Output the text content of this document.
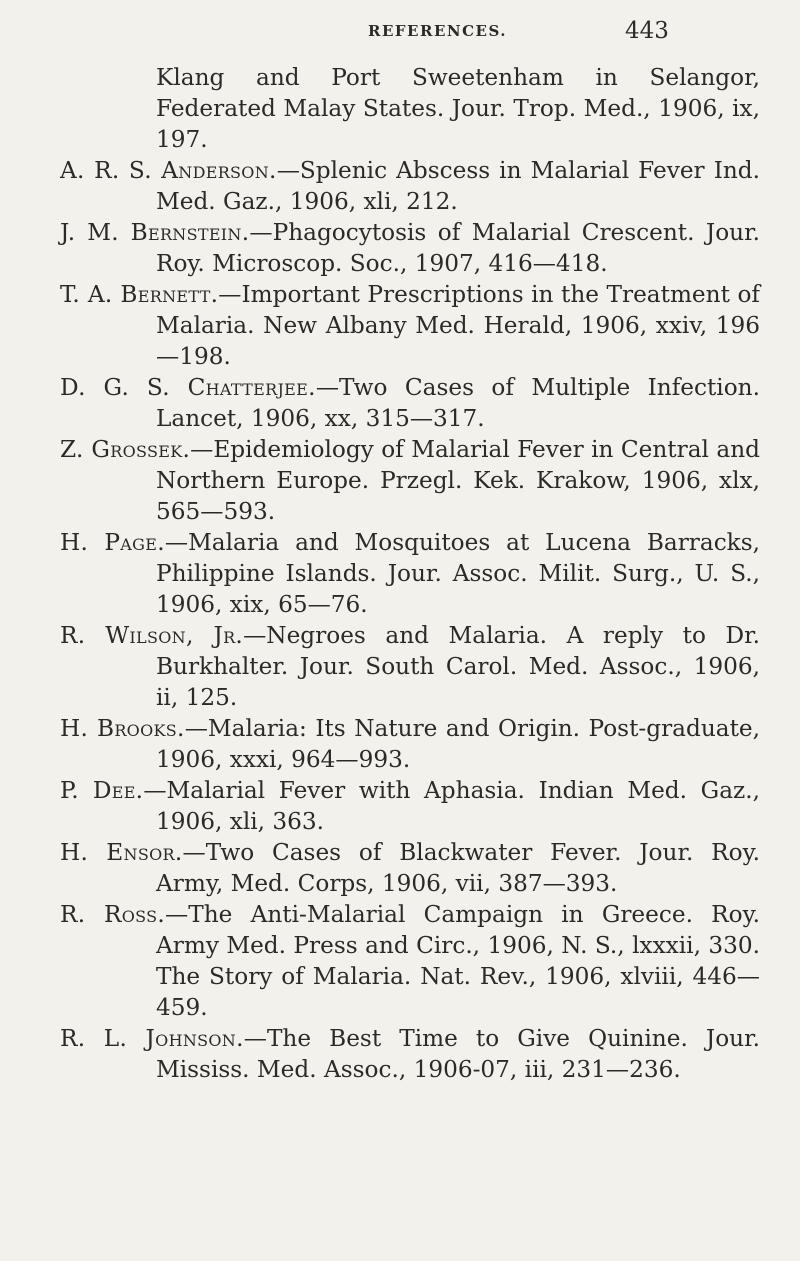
REFERENCES.	443

Klang and Port Sweetenham in Selangor, Federated Malay States. Jour. Trop. Med., 1906, ix, 197.

A. R. S. Anderson.—Splenic Abscess in Malarial Fever Ind. Med. Gaz., 1906, xli, 212.

J. M. Bernstein.—Phagocytosis of Malarial Crescent. Jour. Roy. Microscop. Soc., 1907, 416—418.

T. A. Bernett.—Important Prescriptions in the Treatment of Malaria. New Albany Med. Herald, 1906, xxiv, 196—198.

D. G. S. Chatterjee.—Two Cases of Multiple Infection. Lancet, 1906, xx, 315—317.

Z. Grossek.—Epidemiology of Malarial Fever in Central and Northern Europe. Przegl. Kek. Krakow, 1906, xlx, 565—593.

H. Page.—Malaria and Mosquitoes at Lucena Barracks, Philippine Islands. Jour. Assoc. Milit. Surg., U. S., 1906, xix, 65—76.

R. Wilson, Jr.—Negroes and Malaria. A reply to Dr. Burkhalter. Jour. South Carol. Med. Assoc., 1906, ii, 125.

H. Brooks.—Malaria: Its Nature and Origin. Post-graduate, 1906, xxxi, 964—993.

P. Dee.—Malarial Fever with Aphasia. Indian Med. Gaz., 1906, xli, 363.

H. Ensor.—Two Cases of Blackwater Fever. Jour. Roy. Army, Med. Corps, 1906, vii, 387—393.

R. Ross.—The Anti-Malarial Campaign in Greece. Roy. Army Med. Press and Circ., 1906, N. S., lxxxii, 330. The Story of Malaria. Nat. Rev., 1906, xlviii, 446—459.

R. L. Johnson.—The Best Time to Give Quinine. Jour. Mississ. Med. Assoc., 1906-07, iii, 231—236.
